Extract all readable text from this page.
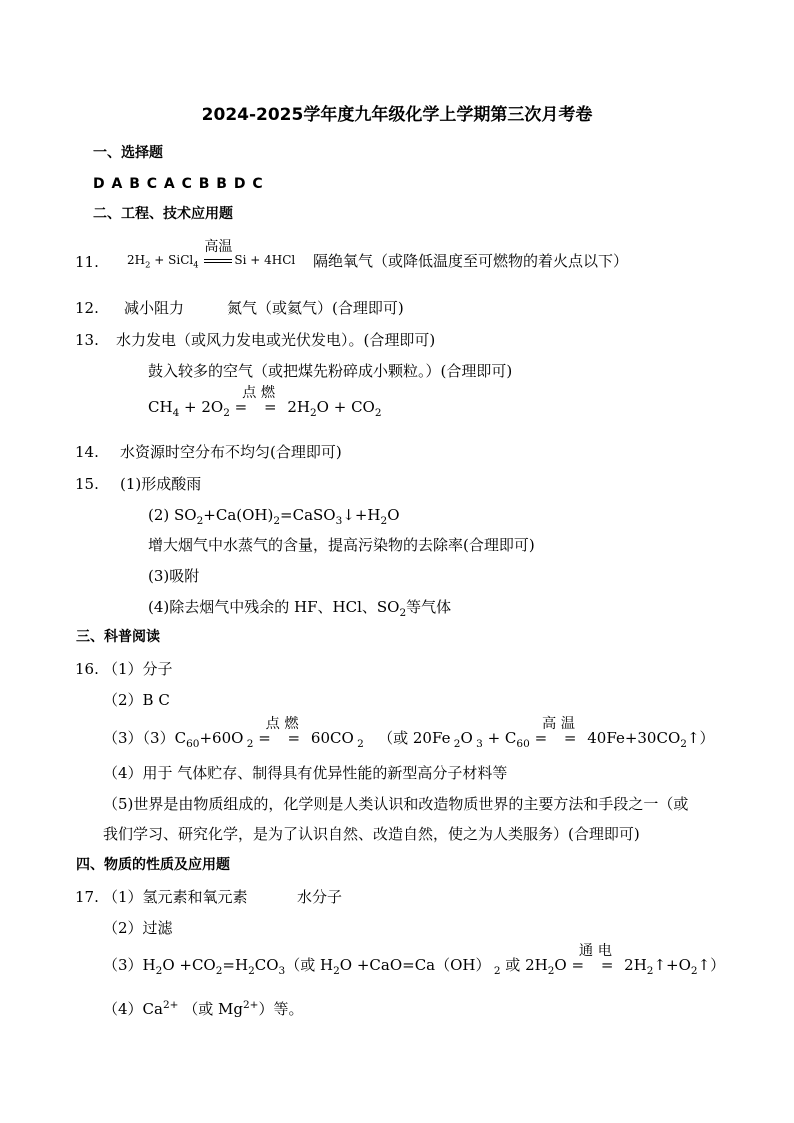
2024-2025学年度九年级化学上学期第三次月考卷
一、选择题
D A B C A C B B D C
二、工程、技术应用题
11. $2H_2$ + SiCl$_4$
高温
Si + 4HCl 隔绝氧气（或降低温度至可燃物的着火点以下）
12. 减小阻力	氮气（或氦气）(合理即可)
13. 水力发电（或风力发电或光伏发电）。(合理即可)
鼓入较多的空气（或把煤先粉碎成小颗粒。）(合理即可)
$CH_4 + 2O_2$
点 燃
= = $2H_2O + CO_2$
14. 水资源时空分布不均匀(合理即可)
15. (1)形成酸雨
(2) $SO_2+Ca(OH)_2=CaSO_3↓+H_2O$
增大烟气中水蒸气的含量，提高污染物的去除率(合理即可)
(3)吸附
(4)除去烟气中残余的 HF、HCl、$SO_2$等气体
三、科普阅读
16. （1）分子
（2）B C
$(3)(3)C_{60}+60O$ $_2$
点 燃
= = 60CO $_2$ （或 20Fe $_2$O $_3 + C_{60}$
高 温
= = $40Fe+30CO_2↑$）
（4）用于 气体贮存、制得具有优异性能的新型高分子材料等
（5)世界是由物质组成的，化学则是人类认识和改造物质世界的主要方法和手段之一（或
我们学习、研究化学，是为了认识自然、改造自然，使之为人类服务）(合理即可)
四、物质的性质及应用题
17. （1）氢元素和氧元素	水分子
（2）过滤
$(3)H_2O +CO_2=H_2CO_3$（或 $H_2O +CaO=Ca(OH)$ $_2$ 或 $2H_2O$
通 电
= = $2H_2↑+O_2↑$）
$(4)Ca^{2+}$ （或 $Mg^{2+}$）等。
